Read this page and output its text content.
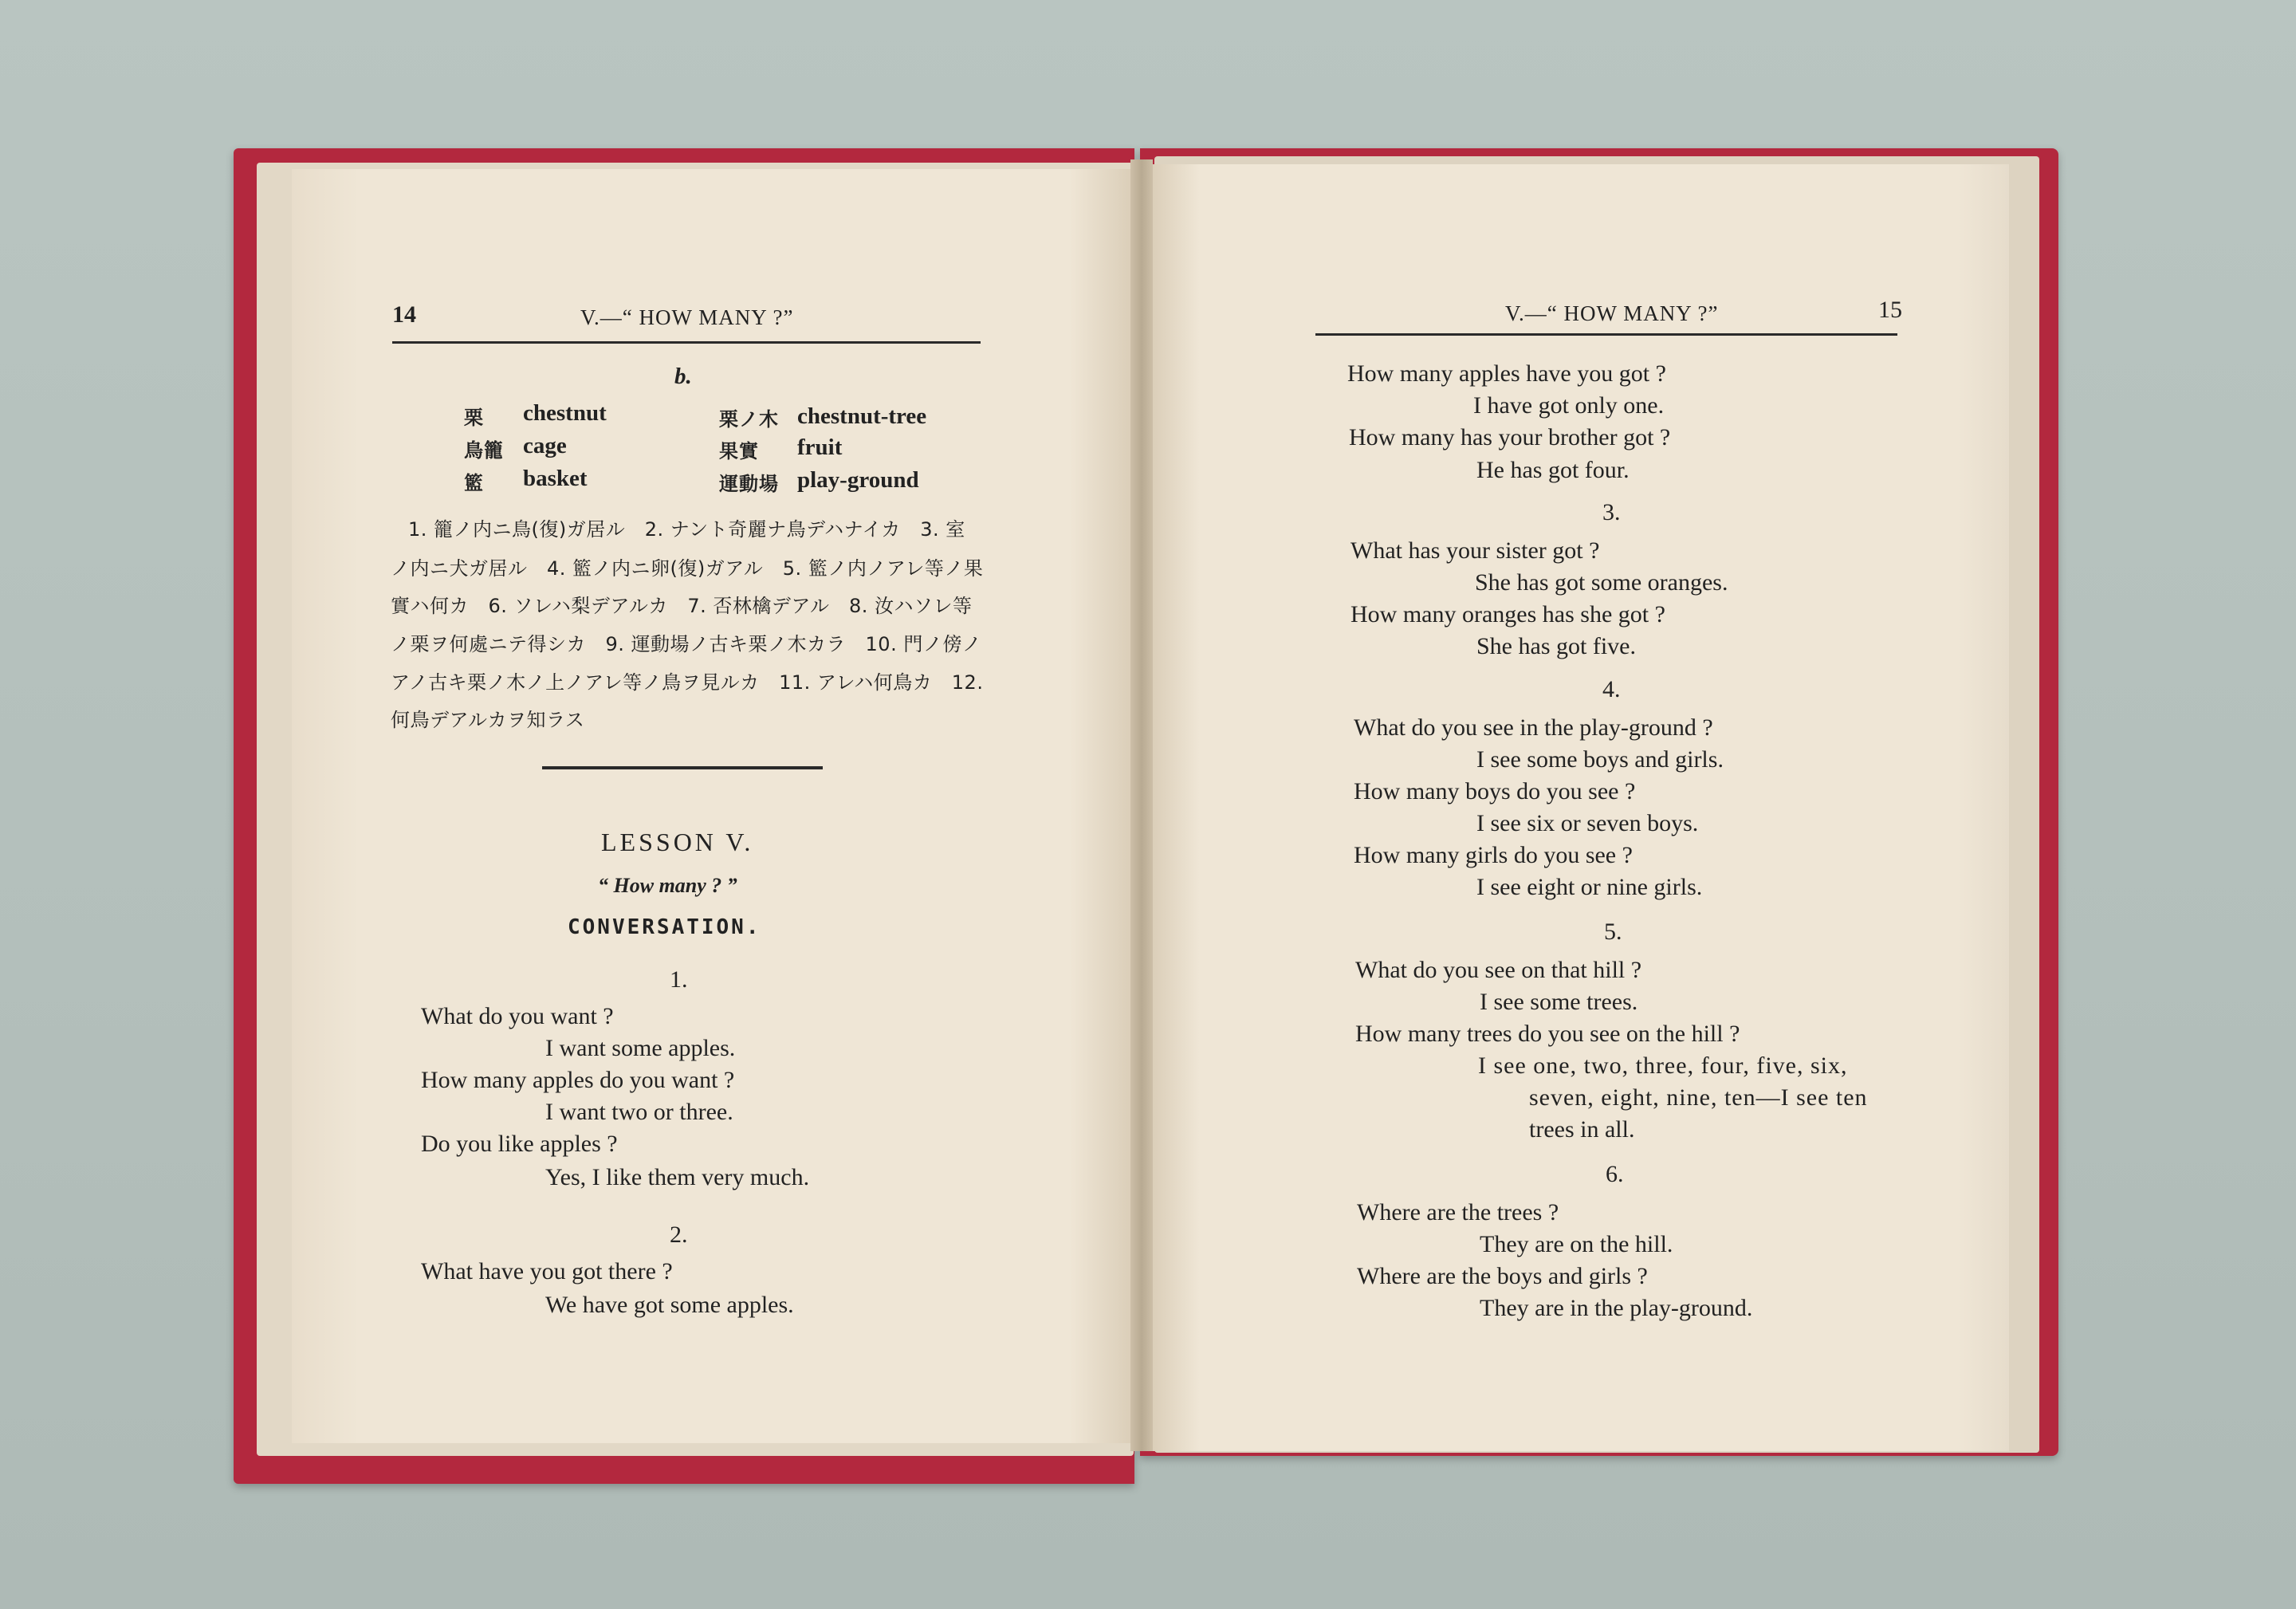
14	V.—“ HOW MANY ?”
b.
栗 chestnut	栗ノ木 chestnut-tree
鳥籠 cage	果實 fruit
籃 basket	運動場 play-ground
1. 籠ノ内ニ鳥(復)ガ居ル　2. ナント奇麗ナ鳥デハナイカ　3. 室
ノ内ニ犬ガ居ル　4. 籃ノ内ニ卵(復)ガアル　5. 籃ノ内ノアレ等ノ果
實ハ何カ　6. ソレハ梨デアルカ　7. 否林檎デアル　8. 汝ハソレ等
ノ栗ヲ何處ニテ得シカ　9. 運動場ノ古キ栗ノ木カラ　10. 門ノ傍ノ
アノ古キ栗ノ木ノ上ノアレ等ノ鳥ヲ見ルカ　11. アレハ何鳥カ　12.
何鳥デアルカヲ知ラス
LESSON V.
“ How many ? ”
CONVERSATION.
1.
What do you want ?
I want some apples.
How many apples do you want ?
I want two or three.
Do you like apples ?
Yes, I like them very much.
2.
What have you got there ?
We have got some apples.
V.—“ HOW MANY ?”	15
How many apples have you got ?
I have got only one.
How many has your brother got ?
He has got four.
3.
What has your sister got ?
She has got some oranges.
How many oranges has she got ?
She has got five.
4.
What do you see in the play-ground ?
I see some boys and girls.
How many boys do you see ?
I see six or seven boys.
How many girls do you see ?
I see eight or nine girls.
5.
What do you see on that hill ?
I see some trees.
How many trees do you see on the hill ?
I see one, two, three, four, five, six,
seven, eight, nine, ten—I see ten
trees in all.
6.
Where are the trees ?
They are on the hill.
Where are the boys and girls ?
They are in the play-ground.
